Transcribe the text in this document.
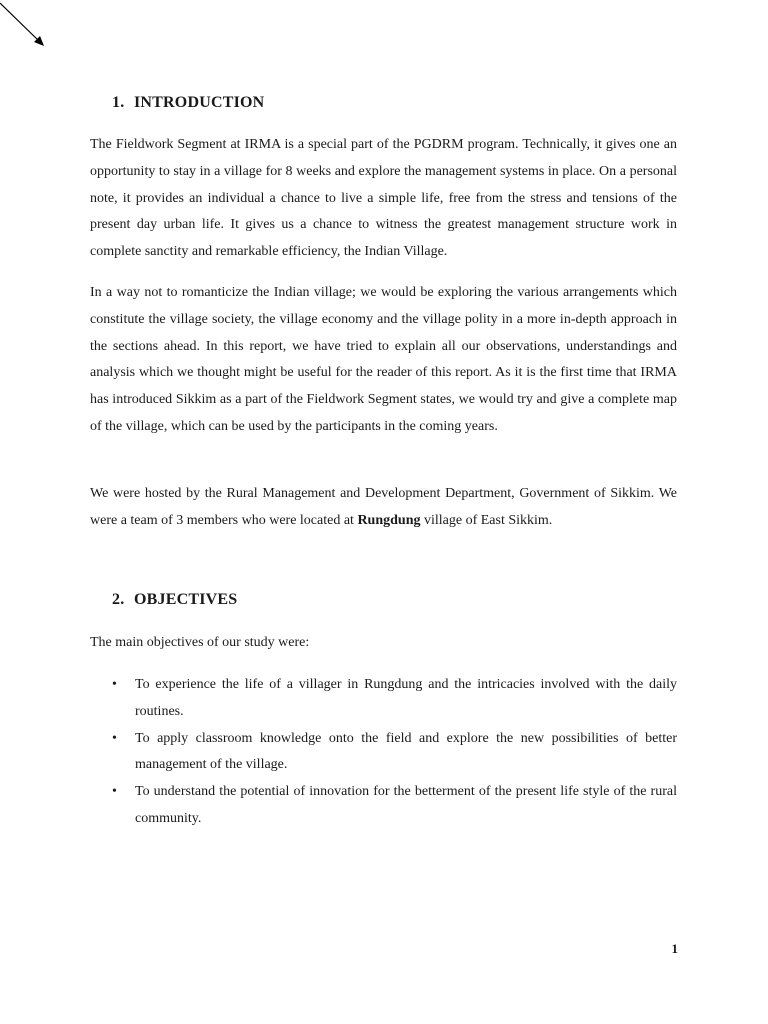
1. INTRODUCTION

The Fieldwork Segment at IRMA is a special part of the PGDRM program. Technically, it gives one an opportunity to stay in a village for 8 weeks and explore the management systems in place. On a personal note, it provides an individual a chance to live a simple life, free from the stress and tensions of the present day urban life. It gives us a chance to witness the greatest management structure work in complete sanctity and remarkable efficiency, the Indian Village.

In a way not to romanticize the Indian village; we would be exploring the various arrangements which constitute the village society, the village economy and the village polity in a more in-depth approach in the sections ahead. In this report, we have tried to explain all our observations, understandings and analysis which we thought might be useful for the reader of this report. As it is the first time that IRMA has introduced Sikkim as a part of the Fieldwork Segment states, we would try and give a complete map of the village, which can be used by the participants in the coming years.

We were hosted by the Rural Management and Development Department, Government of Sikkim. We were a team of 3 members who were located at Rungdung village of East Sikkim.

2. OBJECTIVES

The main objectives of our study were:

• To experience the life of a villager in Rungdung and the intricacies involved with the daily routines.
• To apply classroom knowledge onto the field and explore the new possibilities of better management of the village.
• To understand the potential of innovation for the betterment of the present life style of the rural community.
1
